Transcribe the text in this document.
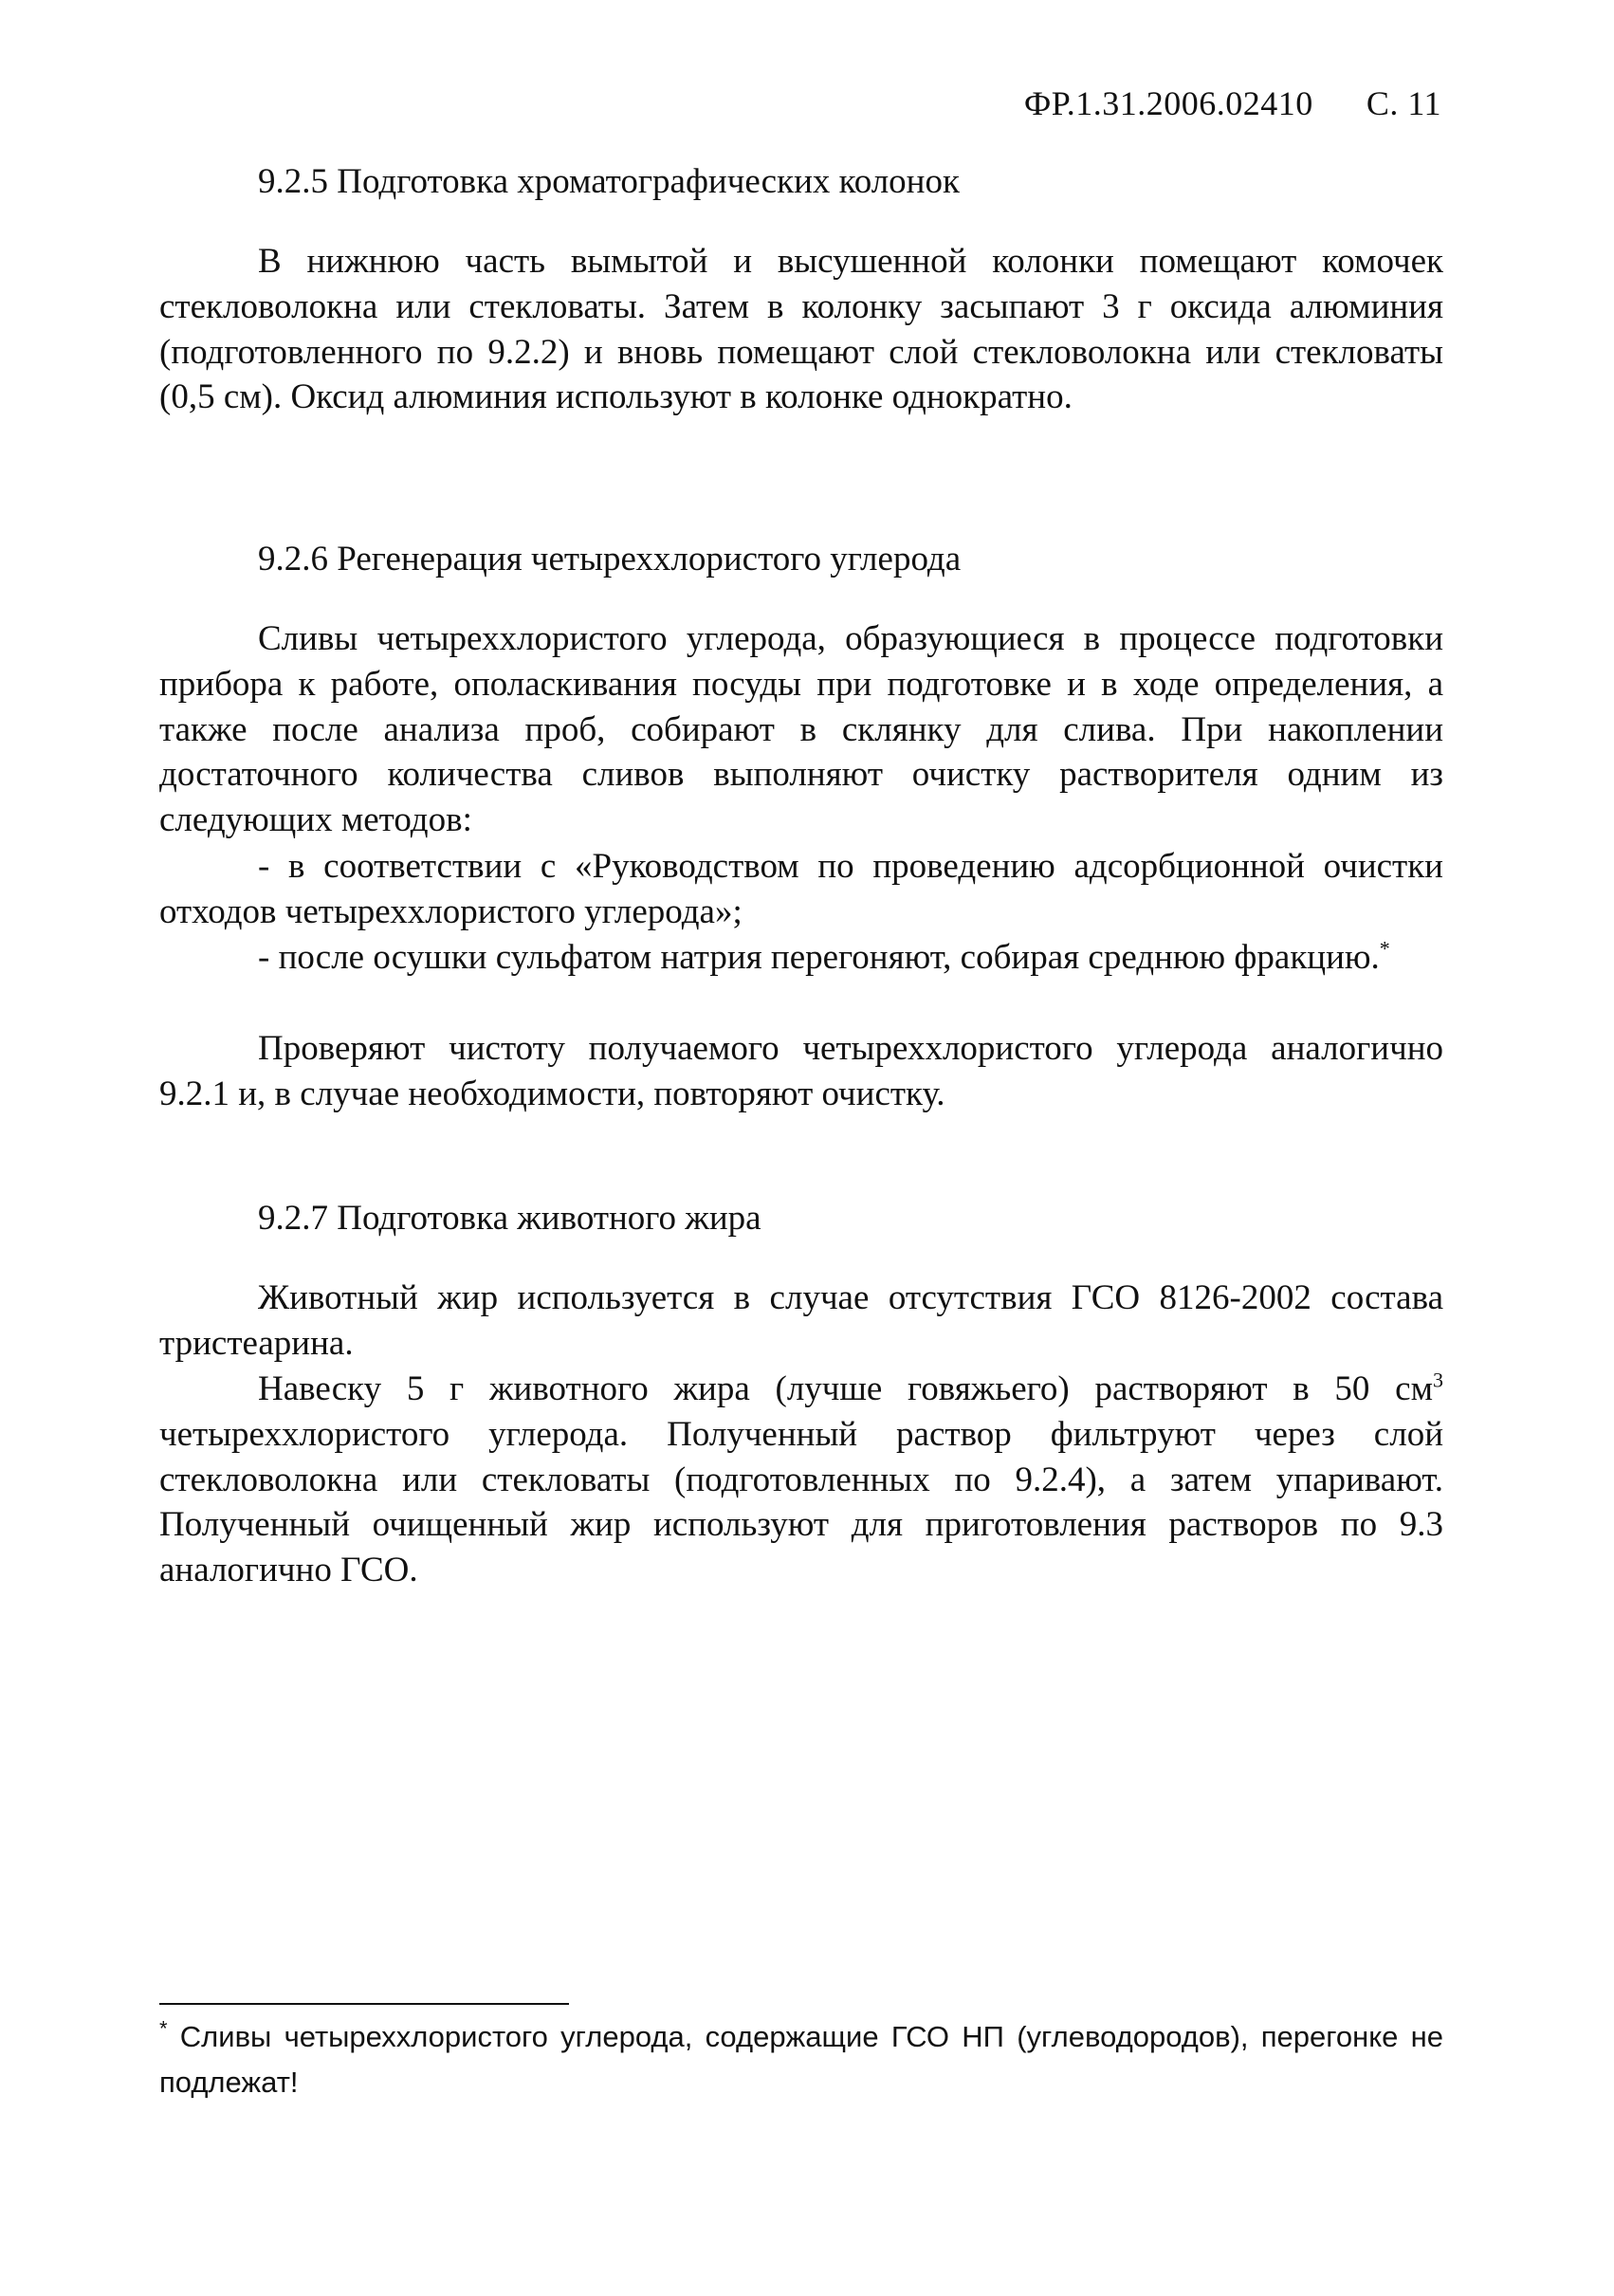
ФР.1.31.2006.02410 С. 11
9.2.5 Подготовка хроматографических колонок

В нижнюю часть вымытой и высушенной колонки помещают комочек стекловолокна или стекловаты. Затем в колонку засыпают 3 г оксида алюминия (подготовленного по 9.2.2) и вновь помещают слой стекловолокна или стекловаты (0,5 см). Оксид алюминия используют в колонке однократно.

9.2.6 Регенерация четыреххлористого углерода

Сливы четыреххлористого углерода, образующиеся в процессе подготовки прибора к работе, ополаскивания посуды при подготовке и в ходе определения, а также после анализа проб, собирают в склянку для слива. При накоплении достаточного количества сливов выполняют очистку растворителя одним из следующих методов:

- в соответствии с «Руководством по проведению адсорбционной очистки отходов четыреххлористого углерода»;

- после осушки сульфатом натрия перегоняют, собирая среднюю фракцию.*

Проверяют чистоту получаемого четыреххлористого углерода аналогично 9.2.1 и, в случае необходимости, повторяют очистку.

9.2.7 Подготовка животного жира

Животный жир используется в случае отсутствия ГСО 8126-2002 состава тристеарина.

Навеску 5 г животного жира (лучше говяжьего) растворяют в 50 $см^3$ четыреххлористого углерода. Полученный раствор фильтруют через слой стекловолокна или стекловаты (подготовленных по 9.2.4), а затем упаривают. Полученный очищенный жир используют для приготовления растворов по 9.3 аналогично ГСО.

* Сливы четыреххлористого углерода, содержащие ГСО НП (углеводородов), перегонке не подлежат!
